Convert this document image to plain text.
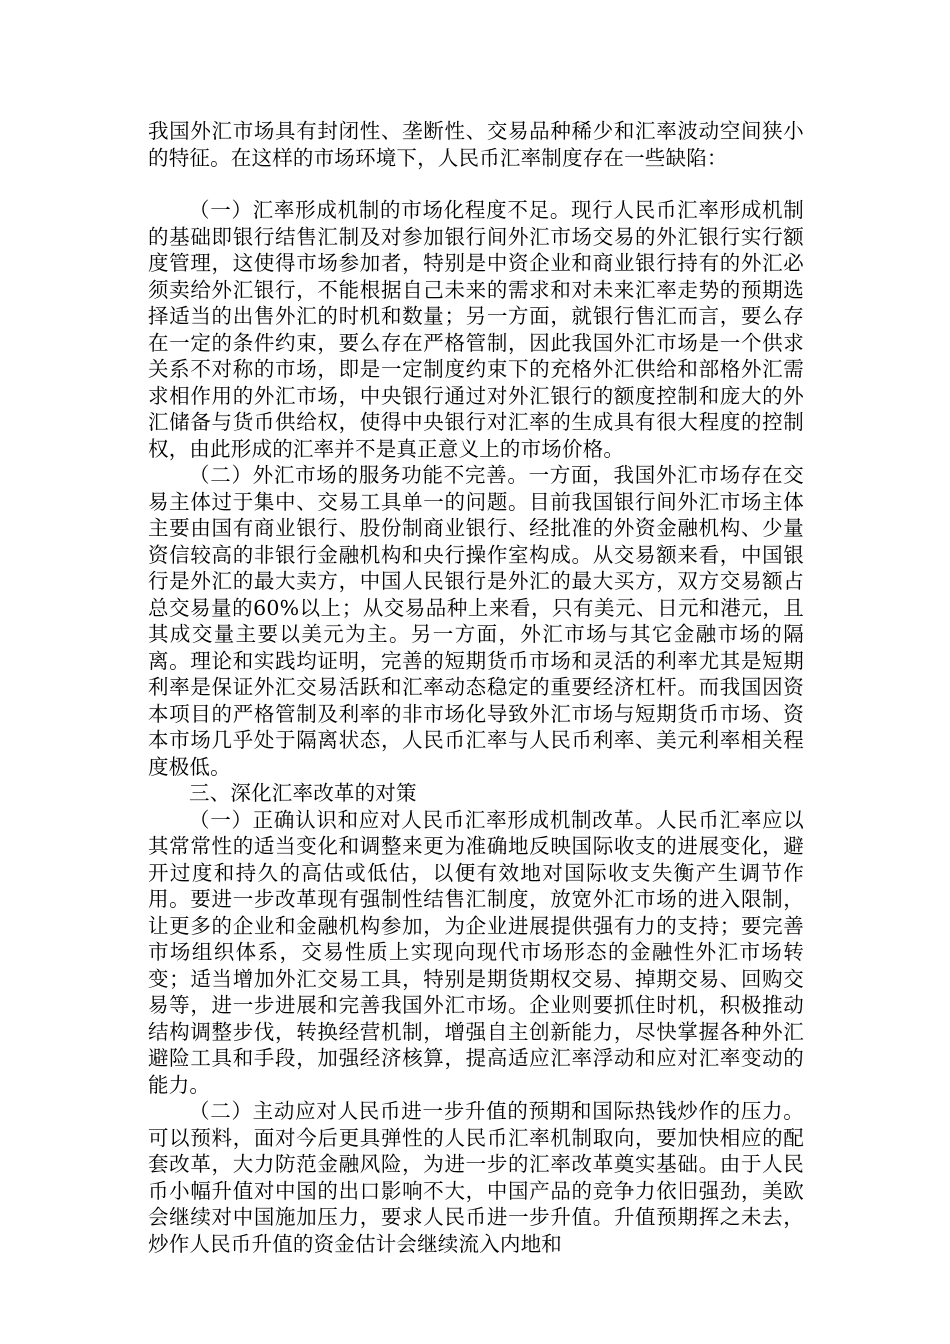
我国外汇市场具有封闭性、垄断性、交易品种稀少和汇率波动空间狭小的特征。在这样的市场环境下，人民币汇率制度存在一些缺陷：

（一）汇率形成机制的市场化程度不足。现行人民币汇率形成机制的基础即银行结售汇制及对参加银行间外汇市场交易的外汇银行实行额度管理，这使得市场参加者，特别是中资企业和商业银行持有的外汇必须卖给外汇银行，不能根据自己未来的需求和对未来汇率走势的预期选择适当的出售外汇的时机和数量；另一方面，就银行售汇而言，要么存在一定的条件约束，要么存在严格管制，因此我国外汇市场是一个供求关系不对称的市场，即是一定制度约束下的充格外汇供给和部格外汇需求相作用的外汇市场，中央银行通过对外汇银行的额度控制和庞大的外汇储备与货币供给权，使得中央银行对汇率的生成具有很大程度的控制权，由此形成的汇率并不是真正意义上的市场价格。

（二）外汇市场的服务功能不完善。一方面，我国外汇市场存在交易主体过于集中、交易工具单一的问题。目前我国银行间外汇市场主体主要由国有商业银行、股份制商业银行、经批准的外资金融机构、少量资信较高的非银行金融机构和央行操作室构成。从交易额来看，中国银行是外汇的最大卖方，中国人民银行是外汇的最大买方，双方交易额占总交易量的60%以上；从交易品种上来看，只有美元、日元和港元，且其成交量主要以美元为主。另一方面，外汇市场与其它金融市场的隔离。理论和实践均证明，完善的短期货币市场和灵活的利率尤其是短期利率是保证外汇交易活跃和汇率动态稳定的重要经济杠杆。而我国因资本项目的严格管制及利率的非市场化导致外汇市场与短期货币市场、资本市场几乎处于隔离状态，人民币汇率与人民币利率、美元利率相关程度极低。

三、深化汇率改革的对策

（一）正确认识和应对人民币汇率形成机制改革。人民币汇率应以其常常性的适当变化和调整来更为准确地反映国际收支的进展变化，避开过度和持久的高估或低估，以便有效地对国际收支失衡产生调节作用。要进一步改革现有强制性结售汇制度，放宽外汇市场的进入限制，让更多的企业和金融机构参加，为企业进展提供强有力的支持；要完善市场组织体系，交易性质上实现向现代市场形态的金融性外汇市场转变；适当增加外汇交易工具，特别是期货期权交易、掉期交易、回购交易等，进一步进展和完善我国外汇市场。企业则要抓住时机，积极推动结构调整步伐，转换经营机制，增强自主创新能力，尽快掌握各种外汇避险工具和手段，加强经济核算，提高适应汇率浮动和应对汇率变动的能力。

（二）主动应对人民币进一步升值的预期和国际热钱炒作的压力。可以预料，面对今后更具弹性的人民币汇率机制取向，要加快相应的配套改革，大力防范金融风险，为进一步的汇率改革奠实基础。由于人民币小幅升值对中国的出口影响不大，中国产品的竞争力依旧强劲，美欧会继续对中国施加压力，要求人民币进一步升值。升值预期挥之未去，炒作人民币升值的资金估计会继续流入内地和
